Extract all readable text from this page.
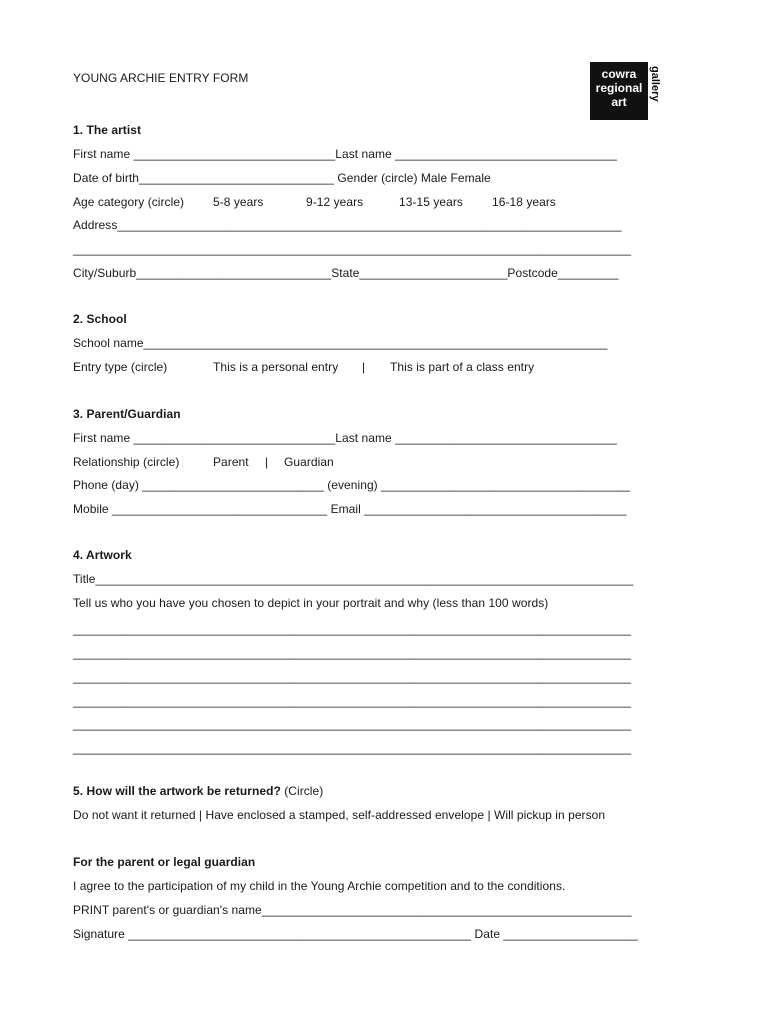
YOUNG ARCHIE ENTRY FORM	cowra
regional
art
gallery
1. The artist
First name ______________________________Last name _________________________________
Date of birth_____________________________ Gender (circle) Male Female
Age category (circle) 5-8 years	9-12 years	13-15 years 16-18 years
Address___________________________________________________________________________
___________________________________________________________________________________
City/Suburb_____________________________State______________________Postcode_________
2. School
School name_____________________________________________________________________
Entry type (circle)	This is a personal entry | This is part of a class entry
3. Parent/Guardian
First name ______________________________Last name _________________________________
Relationship (circle)	Parent | Guardian
Phone (day) ___________________________ (evening) _____________________________________
Mobile ________________________________ Email _______________________________________
4. Artwork
Title________________________________________________________________________________
Tell us who you have you chosen to depict in your portrait and why (less than 100 words)
___________________________________________________________________________________
___________________________________________________________________________________
___________________________________________________________________________________
___________________________________________________________________________________
___________________________________________________________________________________
___________________________________________________________________________________
5. How will the artwork be returned? (Circle)
Do not want it returned | Have enclosed a stamped, self-addressed envelope | Will pickup in person
For the parent or legal guardian
I agree to the participation of my child in the Young Archie competition and to the conditions.
PRINT parent's or guardian's name_______________________________________________________
Signature ___________________________________________________ Date ____________________
